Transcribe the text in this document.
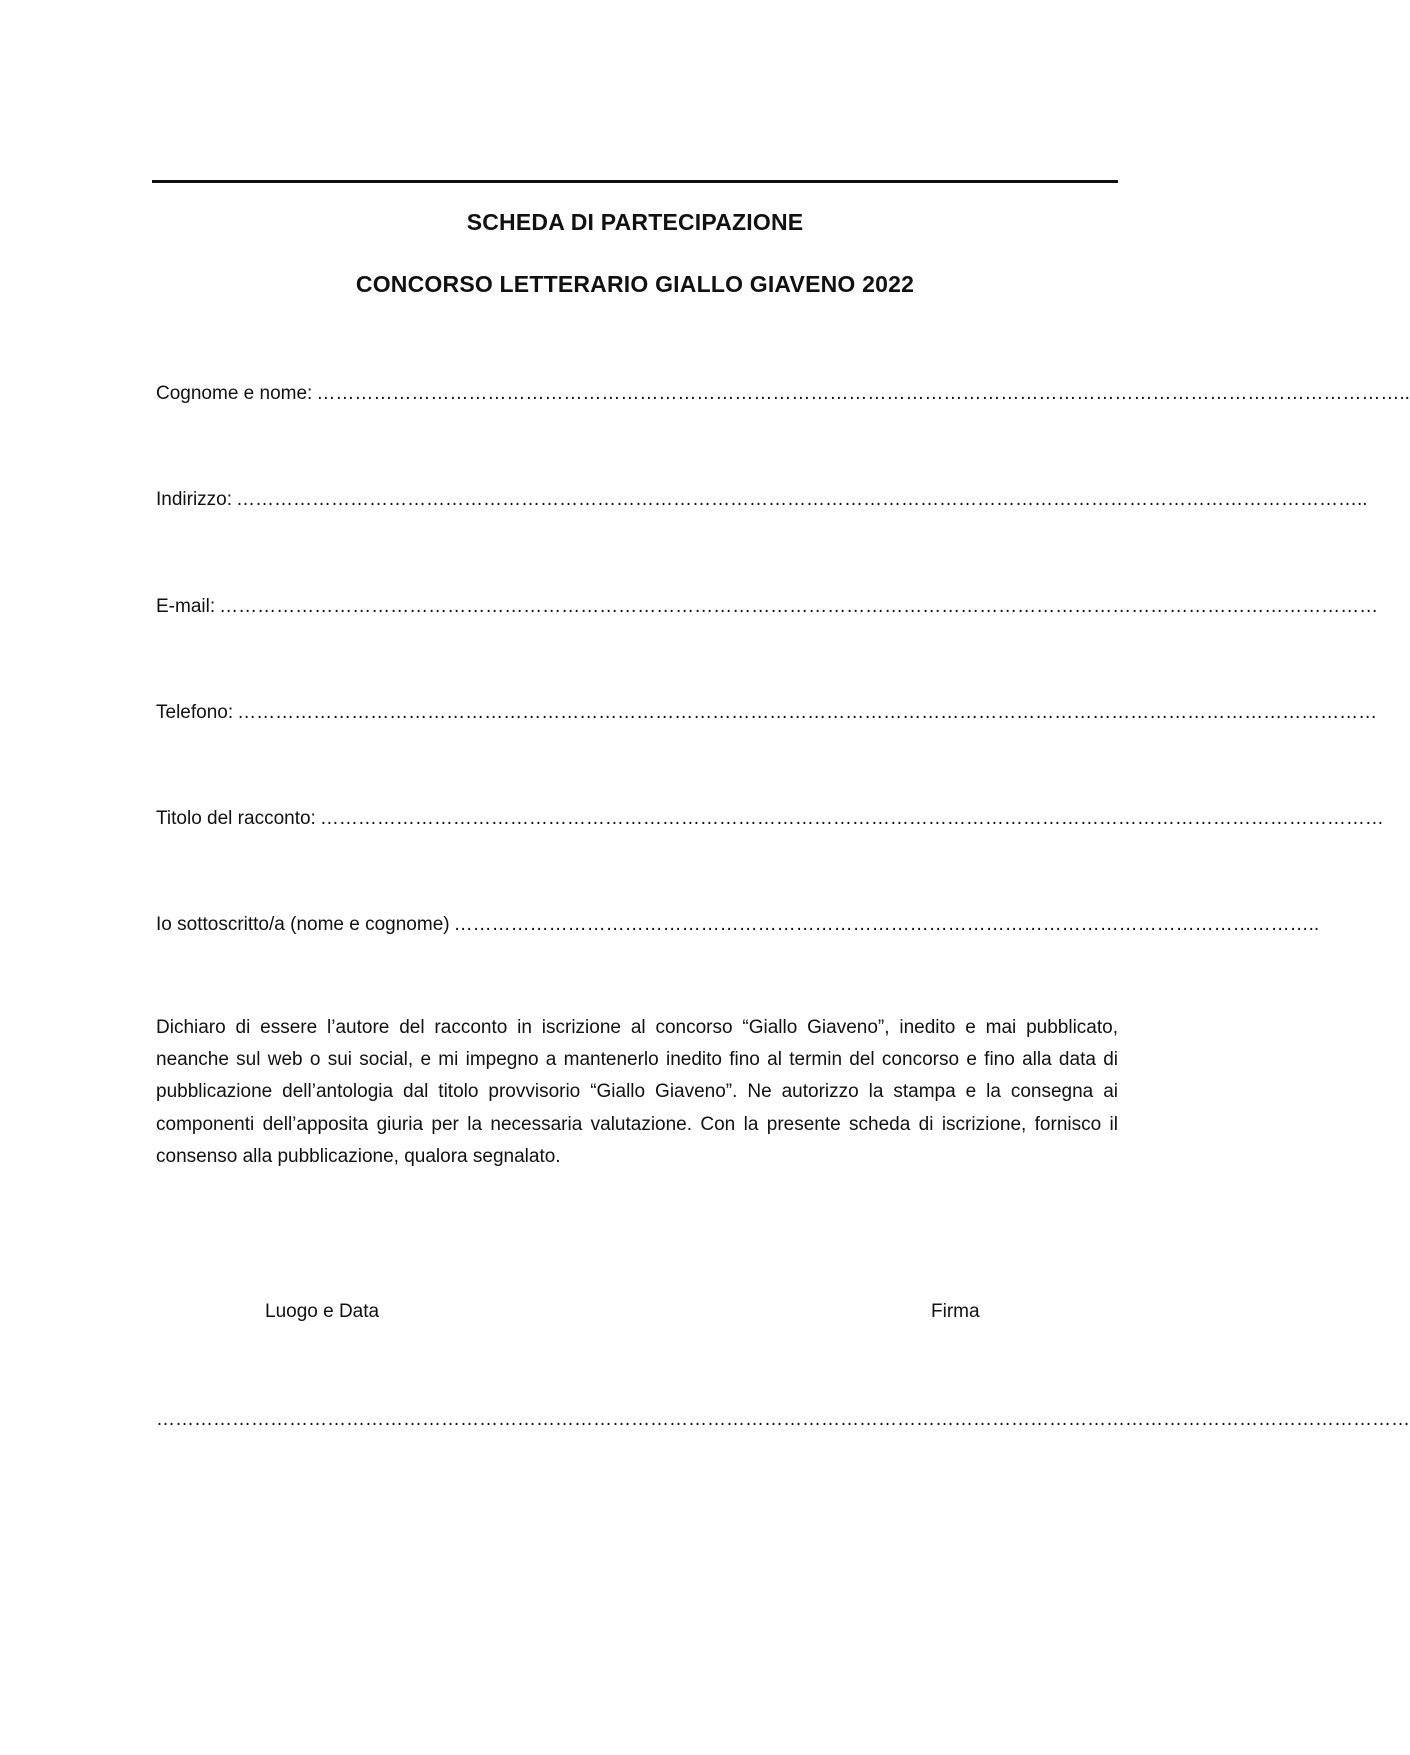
SCHEDA DI PARTECIPAZIONE
CONCORSO LETTERARIO GIALLO GIAVENO 2022
Cognome e nome: ………………………………………………………………………………………………………………………………………………………..
Indirizzo: ……………………………………………………………………………………………………………………………………………………………..
E-mail: …………………………………………………………………………………………………………………………………………………………………
Telefono: ………………………………………………………………………………………………………………………………………………………………
Titolo del racconto: ……………………………………………………………………………………………………………………………………………………
Io sottoscritto/a (nome e cognome) ………………………………………………………………………………………………………………………..
Dichiaro di essere l’autore del racconto in iscrizione al concorso “Giallo Giaveno”, inedito e mai pubblicato, neanche sul web o sui social, e mi impegno a mantenerlo inedito fino al termin del concorso e fino alla data di pubblicazione dell’antologia dal titolo provvisorio “Giallo Giaveno”. Ne autorizzo la stampa e la consegna ai componenti dell’apposita giuria per la necessaria valutazione. Con la presente scheda di iscrizione, fornisco il consenso alla pubblicazione, qualora segnalato.
Luogo e Data	Firma
………………………………………………………………………………………………………………………………………………………………………………
